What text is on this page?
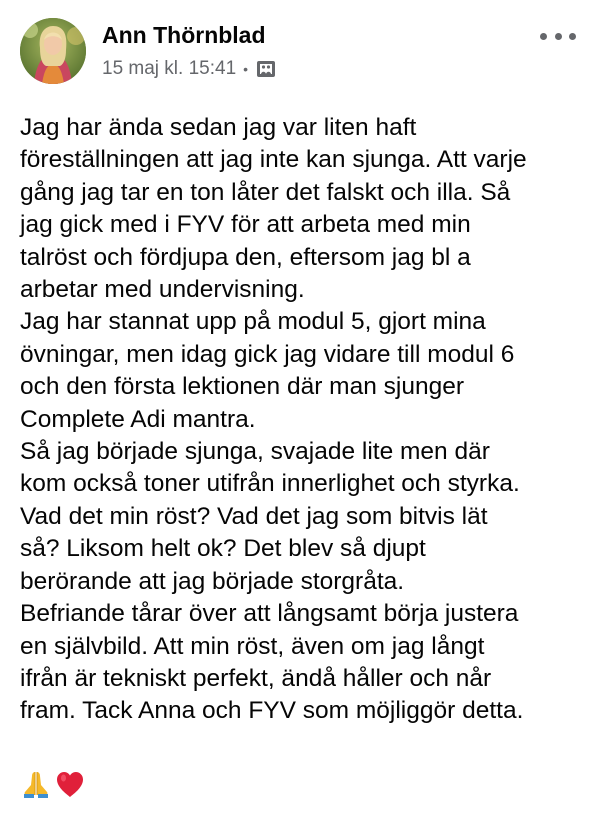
Ann Thörnblad
15 maj kl. 15:41 •
Jag har ända sedan jag var liten haft
föreställningen att jag inte kan sjunga. Att varje
gång jag tar en ton låter det falskt och illa. Så
jag gick med i FYV för att arbeta med min
talröst och fördjupa den, eftersom jag bl a
arbetar med undervisning.
Jag har stannat upp på modul 5, gjort mina
övningar, men idag gick jag vidare till modul 6
och den första lektionen där man sjunger
Complete Adi mantra.
Så jag började sjunga, svajade lite men där
kom också toner utifrån innerlighet och styrka.
Vad det min röst? Vad det jag som bitvis lät
så? Liksom helt ok? Det blev så djupt
berörande att jag började storgråta.
Befriande tårar över att långsamt börja justera
en självbild. Att min röst, även om jag långt
ifrån är tekniskt perfekt, ändå håller och når
fram. Tack Anna och FYV som möjliggör detta.
